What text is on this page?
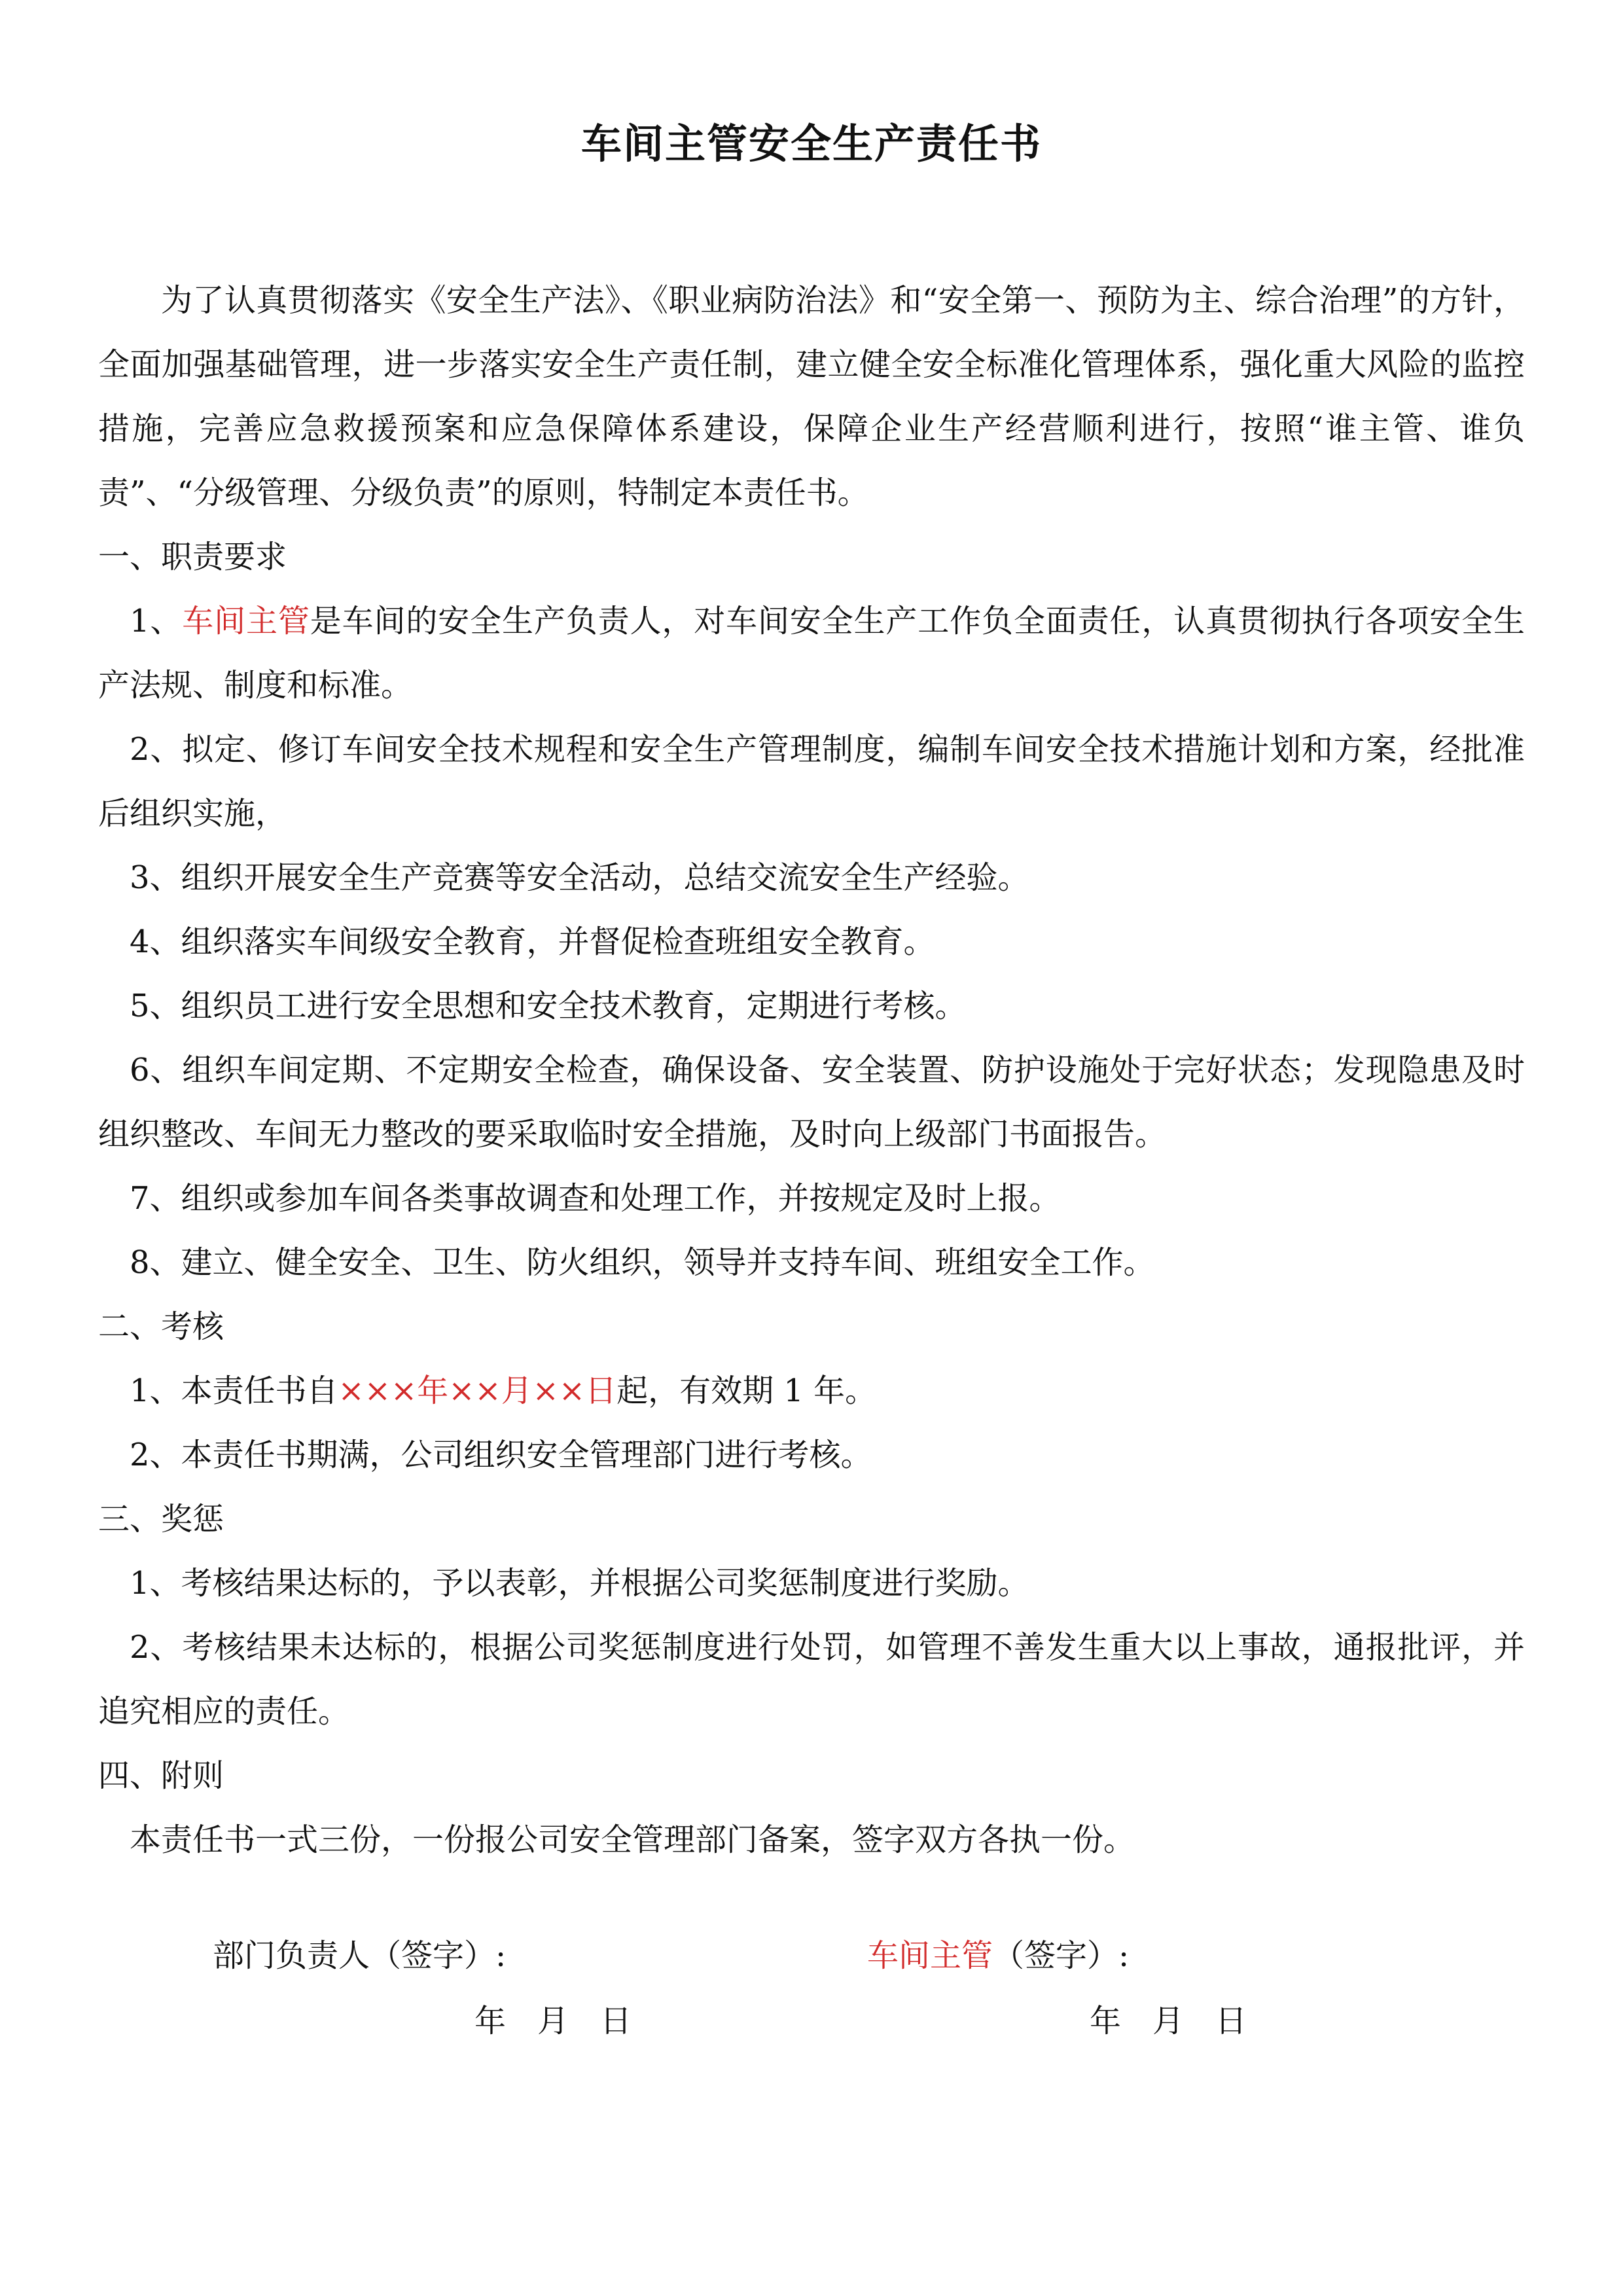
车间主管安全生产责任书

为了认真贯彻落实《安全生产法》、《职业病防治法》和“安全第一、预防为主、综合治理”的方针，全面加强基础管理，进一步落实安全生产责任制，建立健全安全标准化管理体系，强化重大风险的监控措施，完善应急救援预案和应急保障体系建设，保障企业生产经营顺利进行，按照“谁主管、谁负责”、“分级管理、分级负责”的原则，特制定本责任书。

一、职责要求

1、车间主管是车间的安全生产负责人，对车间安全生产工作负全面责任，认真贯彻执行各项安全生产法规、制度和标准。

2、拟定、修订车间安全技术规程和安全生产管理制度，编制车间安全技术措施计划和方案，经批准后组织实施，

3、组织开展安全生产竞赛等安全活动，总结交流安全生产经验。

4、组织落实车间级安全教育，并督促检查班组安全教育。

5、组织员工进行安全思想和安全技术教育，定期进行考核。

6、组织车间定期、不定期安全检查，确保设备、安全装置、防护设施处于完好状态；发现隐患及时组织整改、车间无力整改的要采取临时安全措施，及时向上级部门书面报告。

7、组织或参加车间各类事故调查和处理工作，并按规定及时上报。

8、建立、健全安全、卫生、防火组织，领导并支持车间、班组安全工作。

二、考核

1、本责任书自×××年××月××日起，有效期 1 年。

2、本责任书期满，公司组织安全管理部门进行考核。

三、奖惩

1、考核结果达标的，予以表彰，并根据公司奖惩制度进行奖励。

2、考核结果未达标的，根据公司奖惩制度进行处罚，如管理不善发生重大以上事故，通报批评，并追究相应的责任。

四、附则

本责任书一式三份，一份报公司安全管理部门备案，签字双方各执一份。

部门负责人（签字）:	车间主管（签字）:
年 月 日	年 月 日
